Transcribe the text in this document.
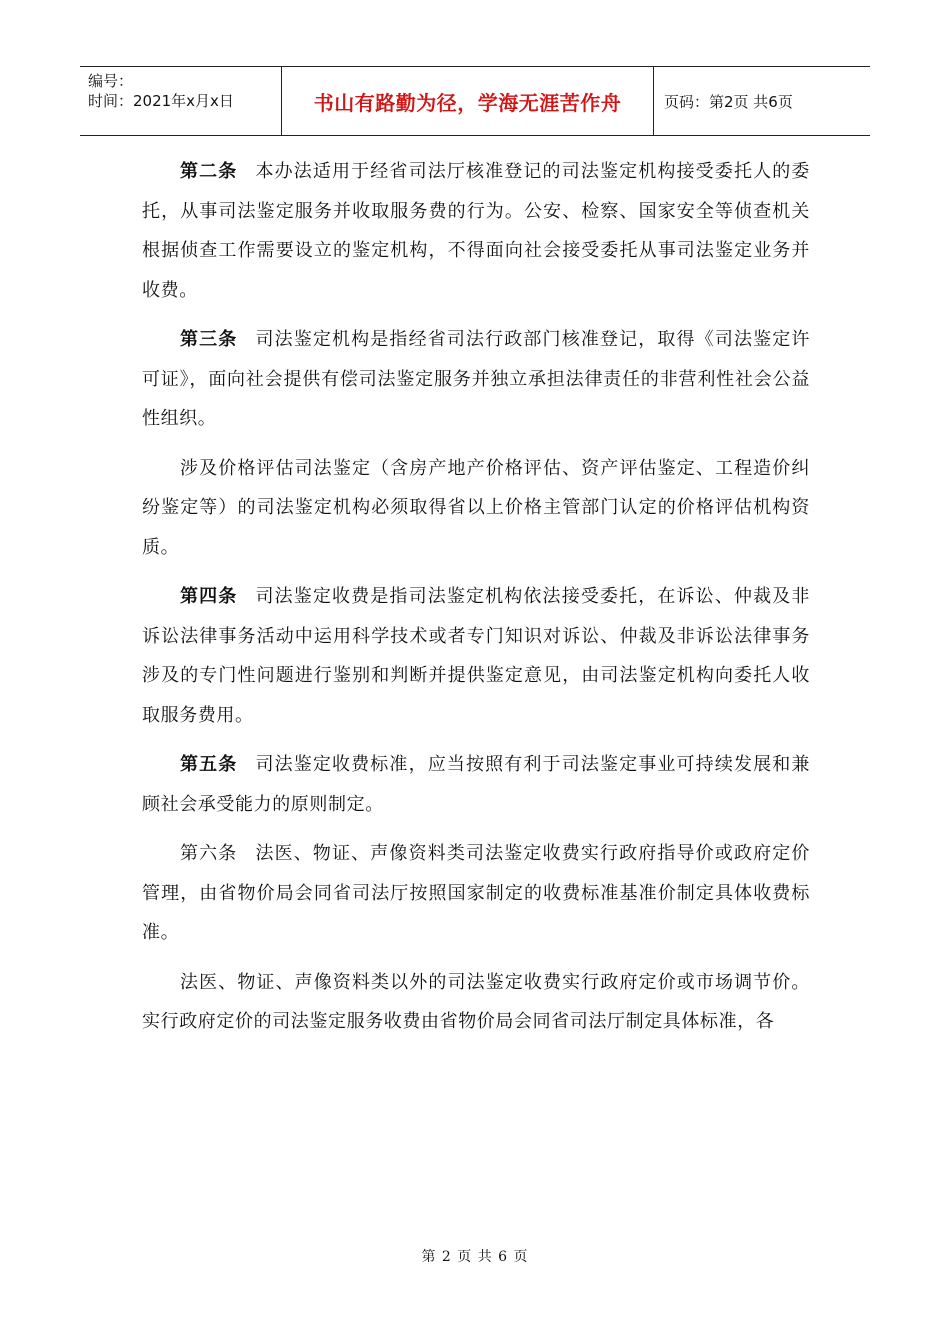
编号：
时间：2021年x月x日	书山有路勤为径，学海无涯苦作舟	页码：第2页 共6页

第二条 本办法适用于经省司法厅核准登记的司法鉴定机构接受委托人的委托，从事司法鉴定服务并收取服务费的行为。公安、检察、国家安全等侦查机关根据侦查工作需要设立的鉴定机构，不得面向社会接受委托从事司法鉴定业务并收费。

第三条 司法鉴定机构是指经省司法行政部门核准登记，取得《司法鉴定许可证》，面向社会提供有偿司法鉴定服务并独立承担法律责任的非营利性社会公益性组织。

涉及价格评估司法鉴定（含房产地产价格评估、资产评估鉴定、工程造价纠纷鉴定等）的司法鉴定机构必须取得省以上价格主管部门认定的价格评估机构资质。

第四条 司法鉴定收费是指司法鉴定机构依法接受委托，在诉讼、仲裁及非诉讼法律事务活动中运用科学技术或者专门知识对诉讼、仲裁及非诉讼法律事务涉及的专门性问题进行鉴别和判断并提供鉴定意见，由司法鉴定机构向委托人收取服务费用。

第五条 司法鉴定收费标准，应当按照有利于司法鉴定事业可持续发展和兼顾社会承受能力的原则制定。

第六条 法医、物证、声像资料类司法鉴定收费实行政府指导价或政府定价管理，由省物价局会同省司法厅按照国家制定的收费标准基准价制定具体收费标准。

法医、物证、声像资料类以外的司法鉴定收费实行政府定价或市场调节价。实行政府定价的司法鉴定服务收费由省物价局会同省司法厅制定具体标准，各

第 2 页 共 6 页
